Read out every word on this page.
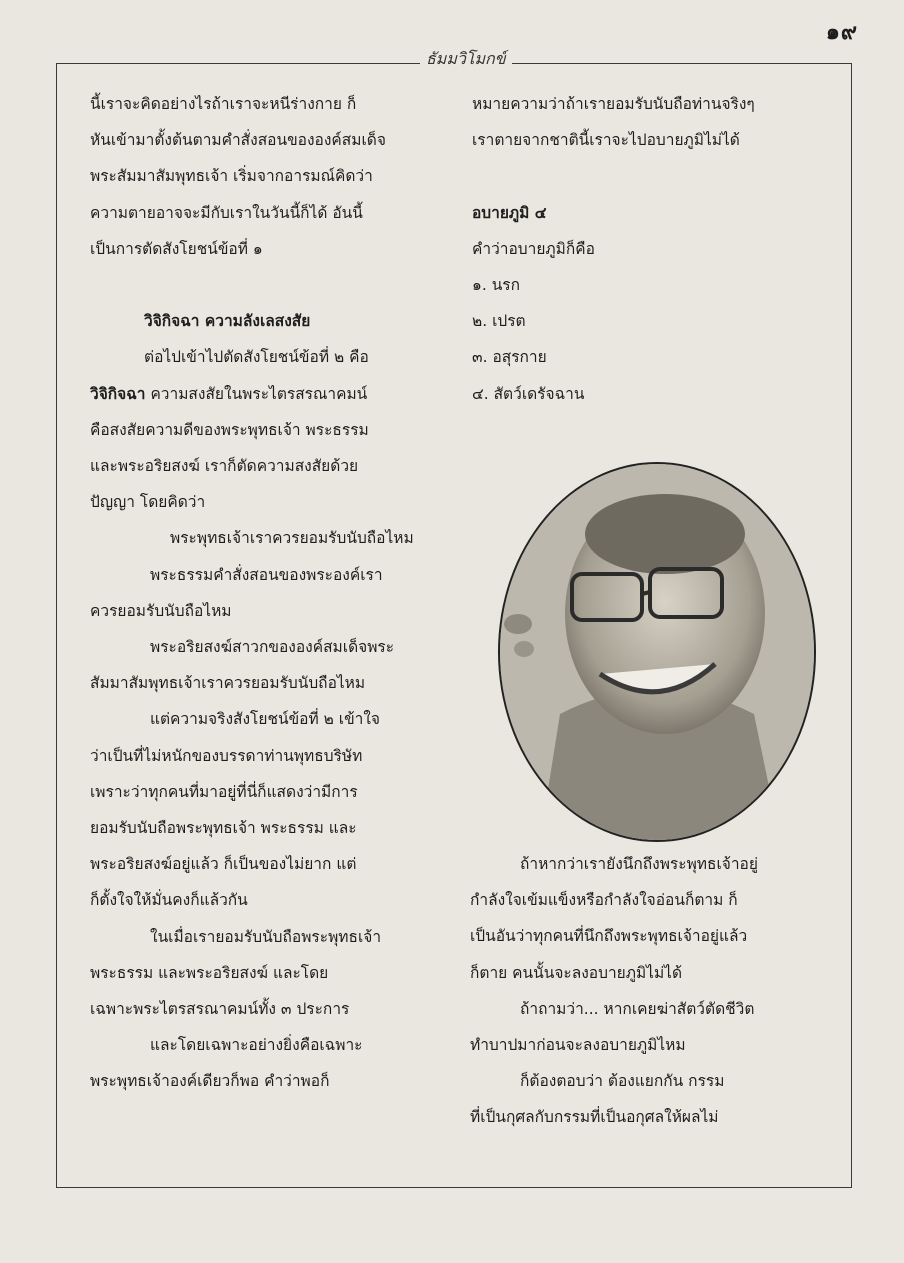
๑๙
ธัมมวิโมกข์

นี้เราจะคิดอย่างไรถ้าเราจะหนีร่างกาย ก็

หันเข้ามาตั้งต้นตามคำสั่งสอนขององค์สมเด็จ

พระสัมมาสัมพุทธเจ้า เริ่มจากอารมณ์คิดว่า

ความตายอาจจะมีกับเราในวันนี้ก็ได้ อันนี้

เป็นการตัดสังโยชน์ข้อที่ ๑

วิจิกิจฉา ความลังเลสงสัย

ต่อไปเข้าไปตัดสังโยชน์ข้อที่ ๒ คือ

วิจิกิจฉา ความสงสัยในพระไตรสรณาคมน์

คือสงสัยความดีของพระพุทธเจ้า พระธรรม

และพระอริยสงฆ์ เราก็ตัดความสงสัยด้วย

ปัญญา โดยคิดว่า

พระพุทธเจ้าเราควรยอมรับนับถือไหม

พระธรรมคำสั่งสอนของพระองค์เรา

ควรยอมรับนับถือไหม

พระอริยสงฆ์สาวกขององค์สมเด็จพระ

สัมมาสัมพุทธเจ้าเราควรยอมรับนับถือไหม

แต่ความจริงสังโยชน์ข้อที่ ๒ เข้าใจ

ว่าเป็นที่ไม่หนักของบรรดาท่านพุทธบริษัท

เพราะว่าทุกคนที่มาอยู่ที่นี่ก็แสดงว่ามีการ

ยอมรับนับถือพระพุทธเจ้า พระธรรม และ

พระอริยสงฆ์อยู่แล้ว ก็เป็นของไม่ยาก แต่

ก็ตั้งใจให้มั่นคงก็แล้วกัน

ในเมื่อเรายอมรับนับถือพระพุทธเจ้า

พระธรรม และพระอริยสงฆ์ และโดย

เฉพาะพระไตรสรณาคมน์ทั้ง ๓ ประการ

และโดยเฉพาะอย่างยิ่งคือเฉพาะ

พระพุทธเจ้าองค์เดียวก็พอ คำว่าพอก็

หมายความว่าถ้าเรายอมรับนับถือท่านจริงๆ

เราตายจากชาตินี้เราจะไปอบายภูมิไม่ได้

อบายภูมิ ๔

คำว่าอบายภูมิก็คือ

๑. นรก

๒. เปรต

๓. อสุรกาย

๔. สัตว์เดรัจฉาน

ถ้าหากว่าเรายังนึกถึงพระพุทธเจ้าอยู่

กำลังใจเข้มแข็งหรือกำลังใจอ่อนก็ตาม ก็

เป็นอันว่าทุกคนที่นึกถึงพระพุทธเจ้าอยู่แล้ว

ก็ตาย คนนั้นจะลงอบายภูมิไม่ได้

ถ้าถามว่า... หากเคยฆ่าสัตว์ตัดชีวิต

ทำบาปมาก่อนจะลงอบายภูมิไหม

ก็ต้องตอบว่า ต้องแยกกัน กรรม

ที่เป็นกุศลกับกรรมที่เป็นอกุศลให้ผลไม่
